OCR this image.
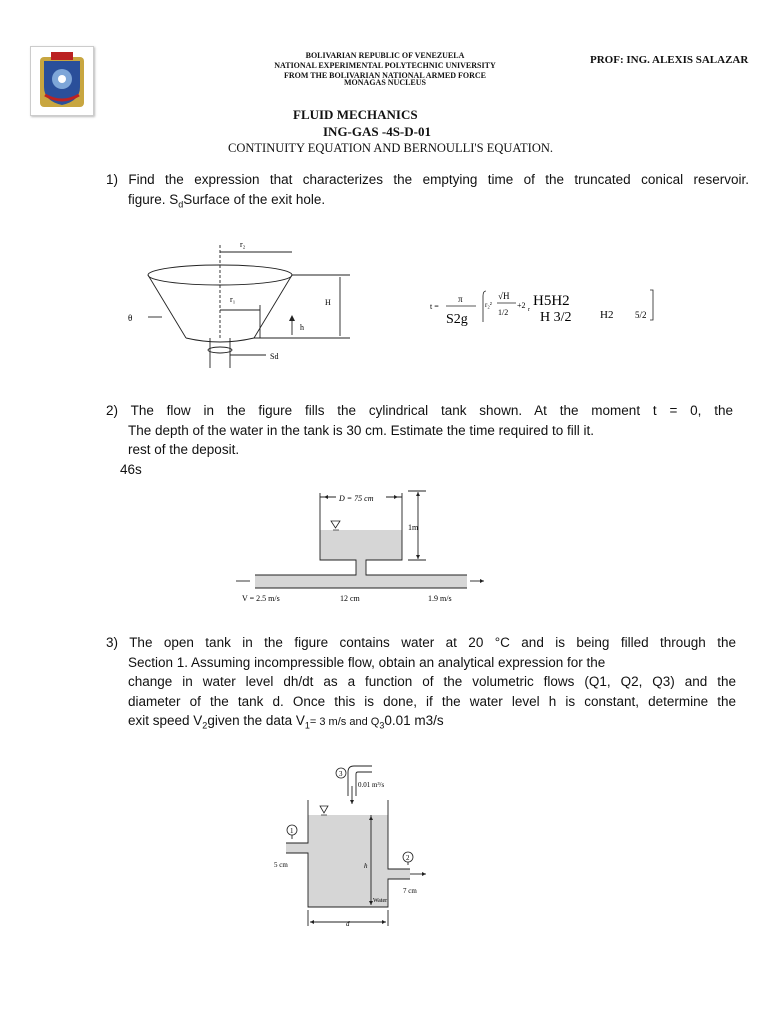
BOLIVARIAN REPUBLIC OF VENEZUELA
NATIONAL EXPERIMENTAL POLYTECHNIC UNIVERSITY
FROM THE BOLIVARIAN NATIONAL ARMED FORCE
MONAGAS NUCLEUS
PROF: ING. ALEXIS SALAZAR
FLUID MECHANICS
ING-GAS -4S-D-01
CONTINUITY EQUATION AND BERNOULLI'S EQUATION.
1) Find the expression that characterizes the emptying time of the truncated conical reservoir.
figure. $S_dSurface$ of the exit hole.
r₂
r₁	H
h
θ
Sd
t =
π
S2g
r₂²
√H
1/2
+2 r
H5H2
H 3/2	H2 5/2
2) The flow in the figure fills the cylindrical tank shown. At the moment t = 0, the
The depth of the water in the tank is 30 cm. Estimate the time required to fill it.
rest of the deposit.
46s
D = 75 cm
1m
V = 2.5 m/s	12 cm	1.9 m/s
3) The open tank in the figure contains water at 20 °C and is being filled through the
Section 1. Assuming incompressible flow, obtain an analytical expression for the
change in water level dh/dt as a function of the volumetric flows (Q1, Q2, Q3) and the
diameter of the tank d. Once this is done, if the water level h is constant, determine the
exit speed $V_2given$ the data $V_1= 3$ m/s and $Q_30.01$ m3/s
1
2
3
0.01 m³/s
5 cm
7 cm
h
Water
d
